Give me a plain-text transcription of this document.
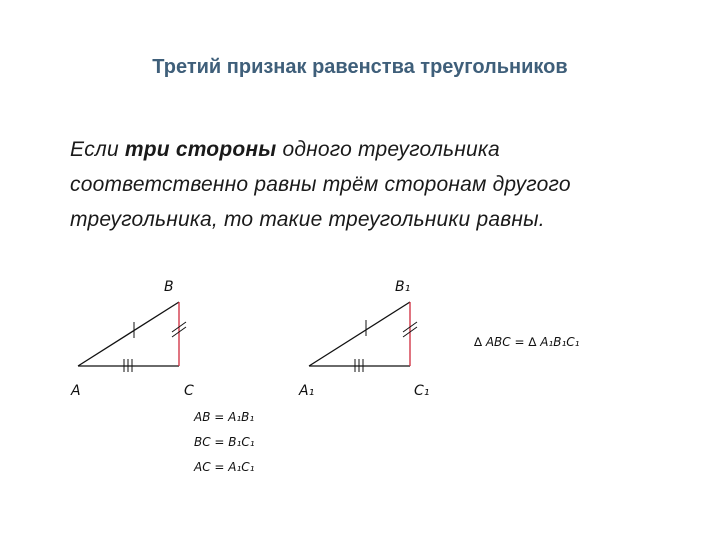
Третий признак равенства треугольников
Если три стороны одного треугольника
соответственно равны трём сторонам другого
треугольника, то такие треугольники равны.
B
A	C
B₁
A₁	C₁
AB = A₁B₁
BC = B₁C₁
AC = A₁C₁
∆ ABC = ∆ A₁B₁C₁
